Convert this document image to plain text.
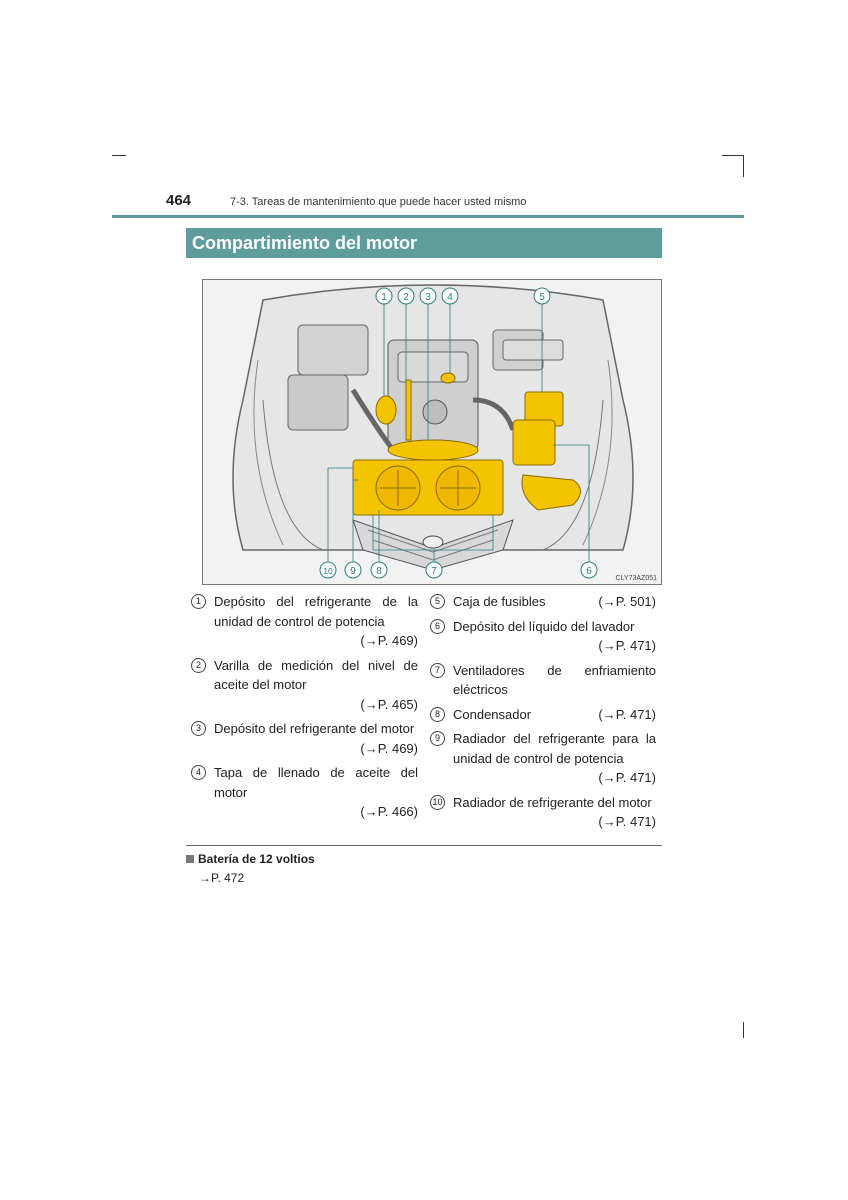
464	7-3. Tareas de mantenimiento que puede hacer usted mismo
Compartimiento del motor
1 2 3 4	5
10 9 8	7	6
CLY73AZ051
1	Depósito del refrigerante de la unidad de control de potencia
(→P. 469)
2	Varilla de medición del nivel de aceite del motor
(→P. 465)
3	Depósito del refrigerante del motor
(→P. 469)
4	Tapa de llenado de aceite del motor
(→P. 466)
5	Caja de fusibles	(→P. 501)
6	Depósito del líquido del lavador
(→P. 471)
7	Ventiladores de enfriamiento eléctricos
8	Condensador	(→P. 471)
9	Radiador del refrigerante para la unidad de control de potencia
(→P. 471)
10 Radiador de refrigerante del motor
(→P. 471)
Batería de 12 voltios
→P. 472
